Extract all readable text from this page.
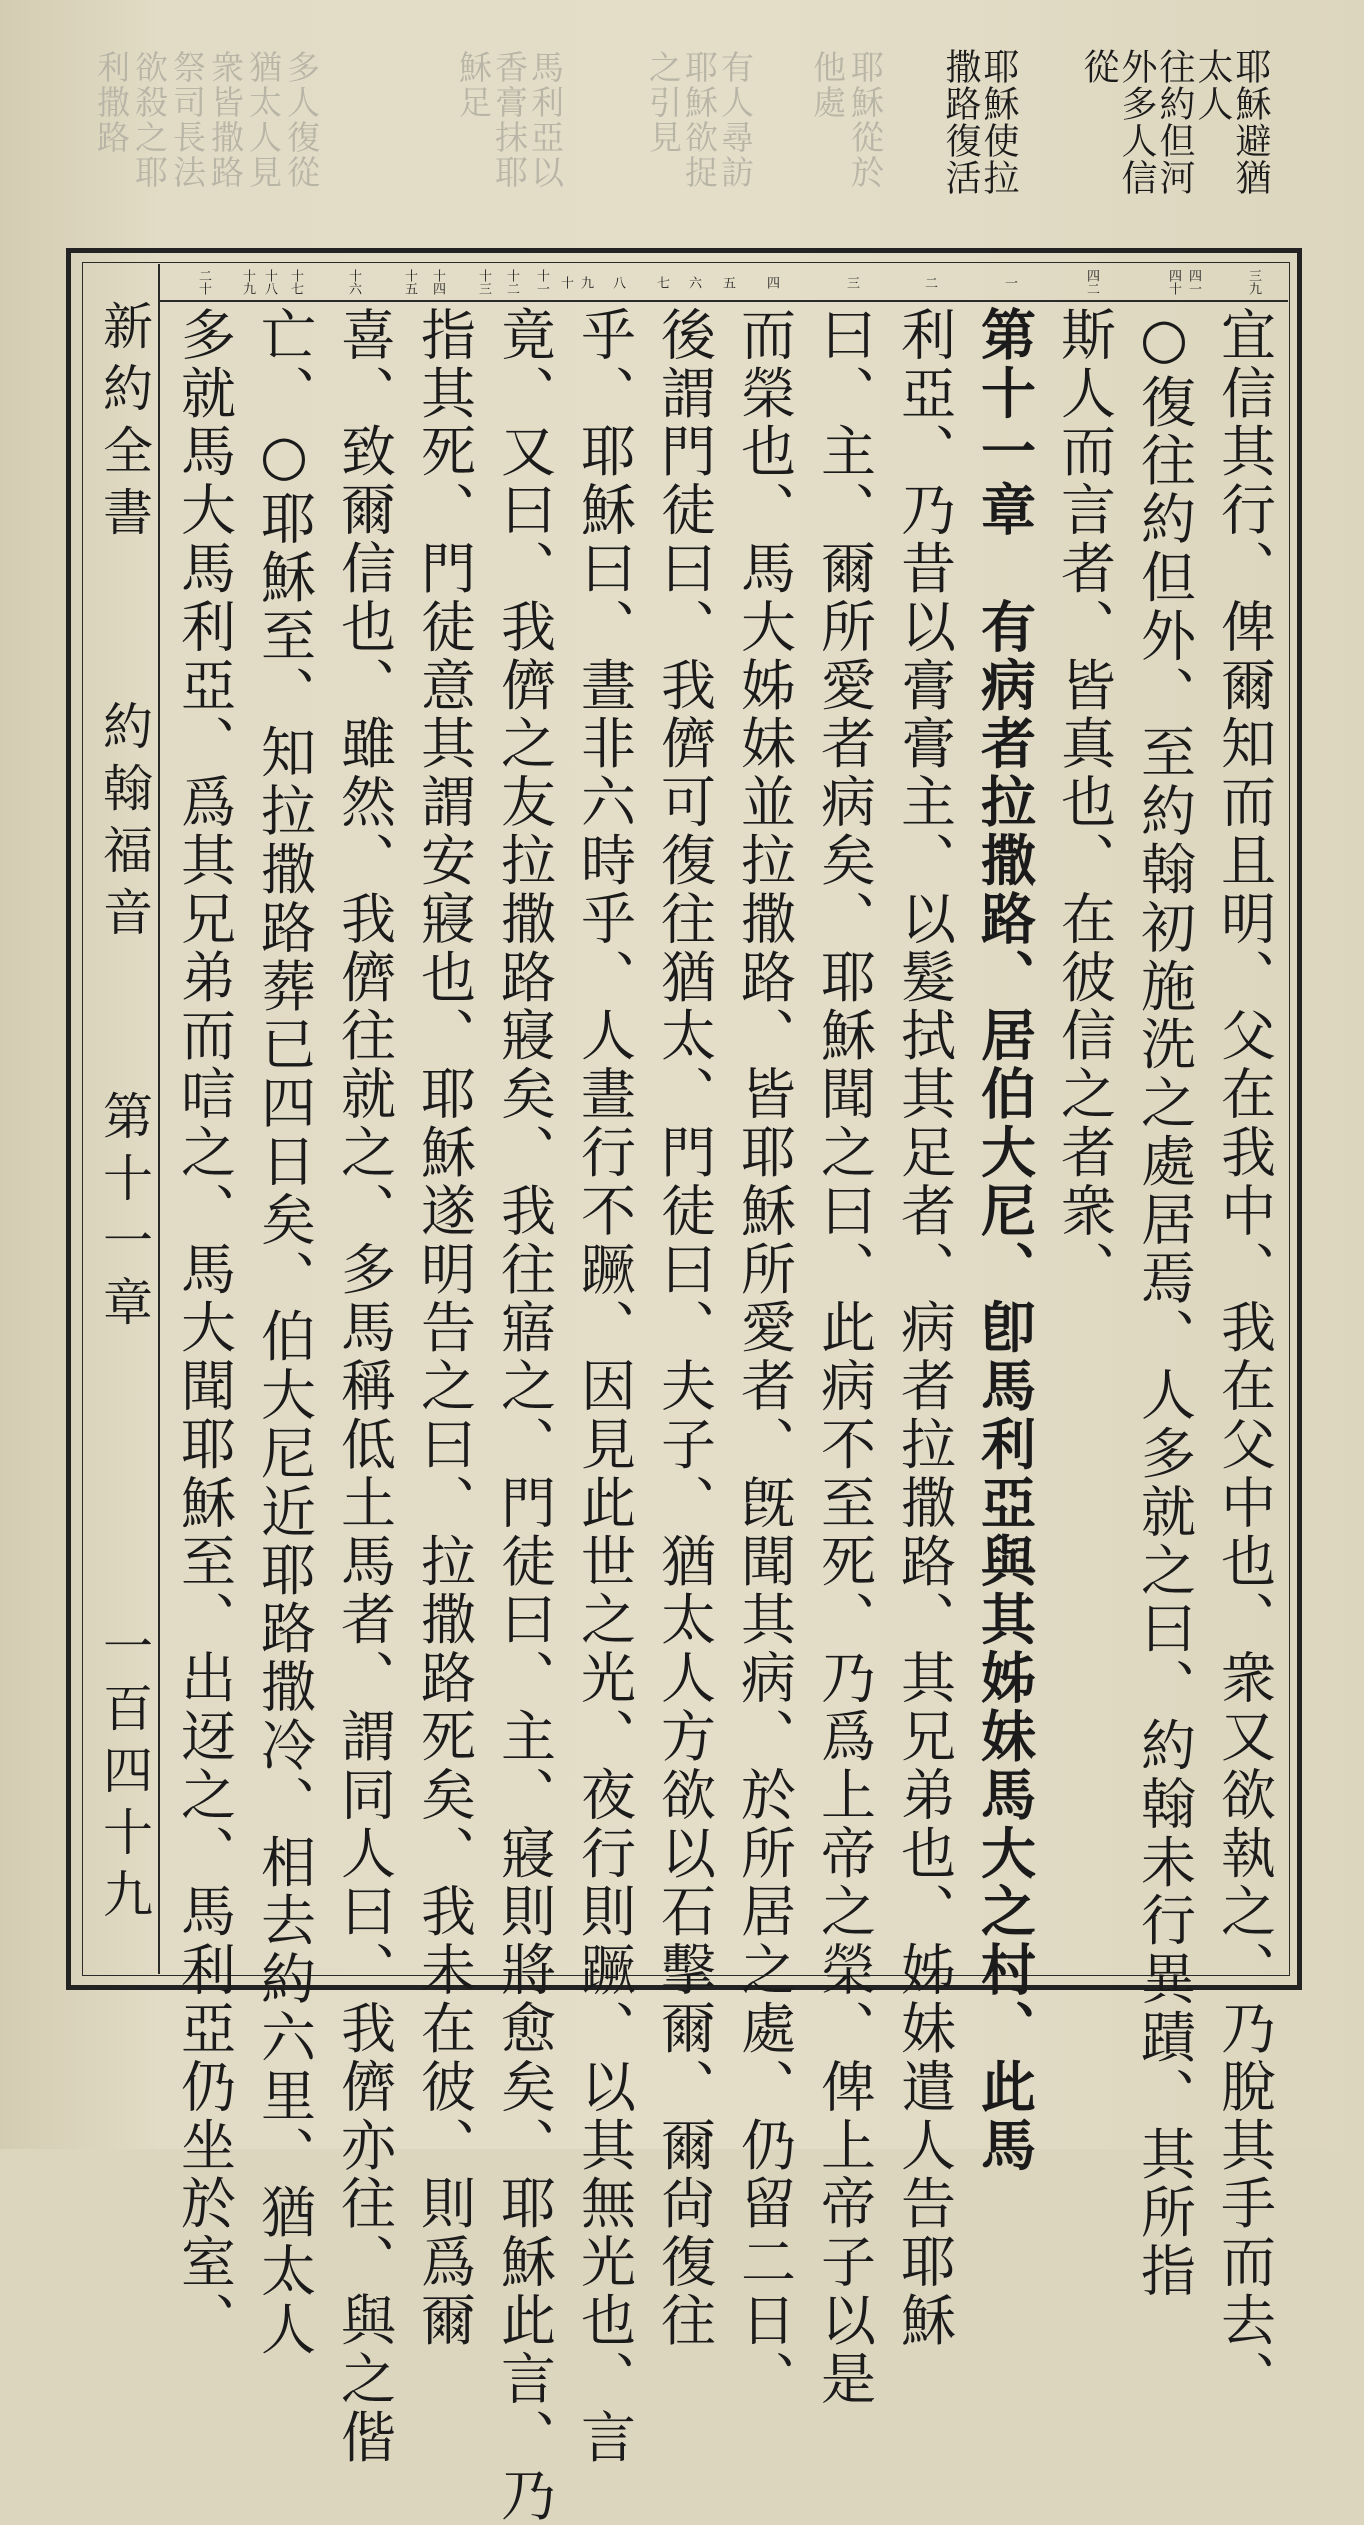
耶穌從於
他處
有人尋訪
耶穌欲捉
之引見
馬利亞以
香膏抹耶
穌足
多人復從
猶太人見
衆皆撒路
祭司長法
欲殺之耶
利撒路	耶穌避猶
太人
往約但河
外多人信
從
耶穌使拉
撒路復活
三九
四十 四一
四二
一
二
三
四
五
六
七
八
九
十
十一
十二
十三
十四
十五
十六
十七
十八
十九
二十
宜信其行、俾爾知而且明、父在我中、我在父中也、衆又欲執之、乃脫其手而去、
○復往約但外、至約翰初施洗之處居焉、人多就之曰、約翰未行異蹟、其所指
斯人而言者、皆真也、在彼信之者衆、
第十一章　有病者拉撒路、居伯大尼、卽馬利亞與其姊妹馬大之村、此馬
利亞、乃昔以膏膏主、以髮拭其足者、病者拉撒路、其兄弟也、姊妹遣人告耶穌
曰、主、爾所愛者病矣、耶穌聞之曰、此病不至死、乃爲上帝之榮、俾上帝子以是
而榮也、馬大姊妹並拉撒路、皆耶穌所愛者、旣聞其病、於所居之處、仍留二日、
後謂門徒曰、我儕可復往猶太、門徒曰、夫子、猶太人方欲以石擊爾、爾尙復往
乎、耶穌曰、晝非六時乎、人晝行不蹶、因見此世之光、夜行則蹶、以其無光也、言
竟、又曰、我儕之友拉撒路寢矣、我往寤之、門徒曰、主、寢則將愈矣、耶穌此言、乃
指其死、門徒意其謂安寢也、耶穌遂明告之曰、拉撒路死矣、我未在彼、則爲爾
喜、致爾信也、雖然、我儕往就之、多馬稱低土馬者、謂同人曰、我儕亦往、與之偕
亡、○耶穌至、知拉撒路葬已四日矣、伯大尼近耶路撒冷、相去約六里、猶太人
多就馬大馬利亞、爲其兄弟而唁之、馬大聞耶穌至、出迓之、馬利亞仍坐於室、
新約全書
約翰福音
第十一章
一百四十九
